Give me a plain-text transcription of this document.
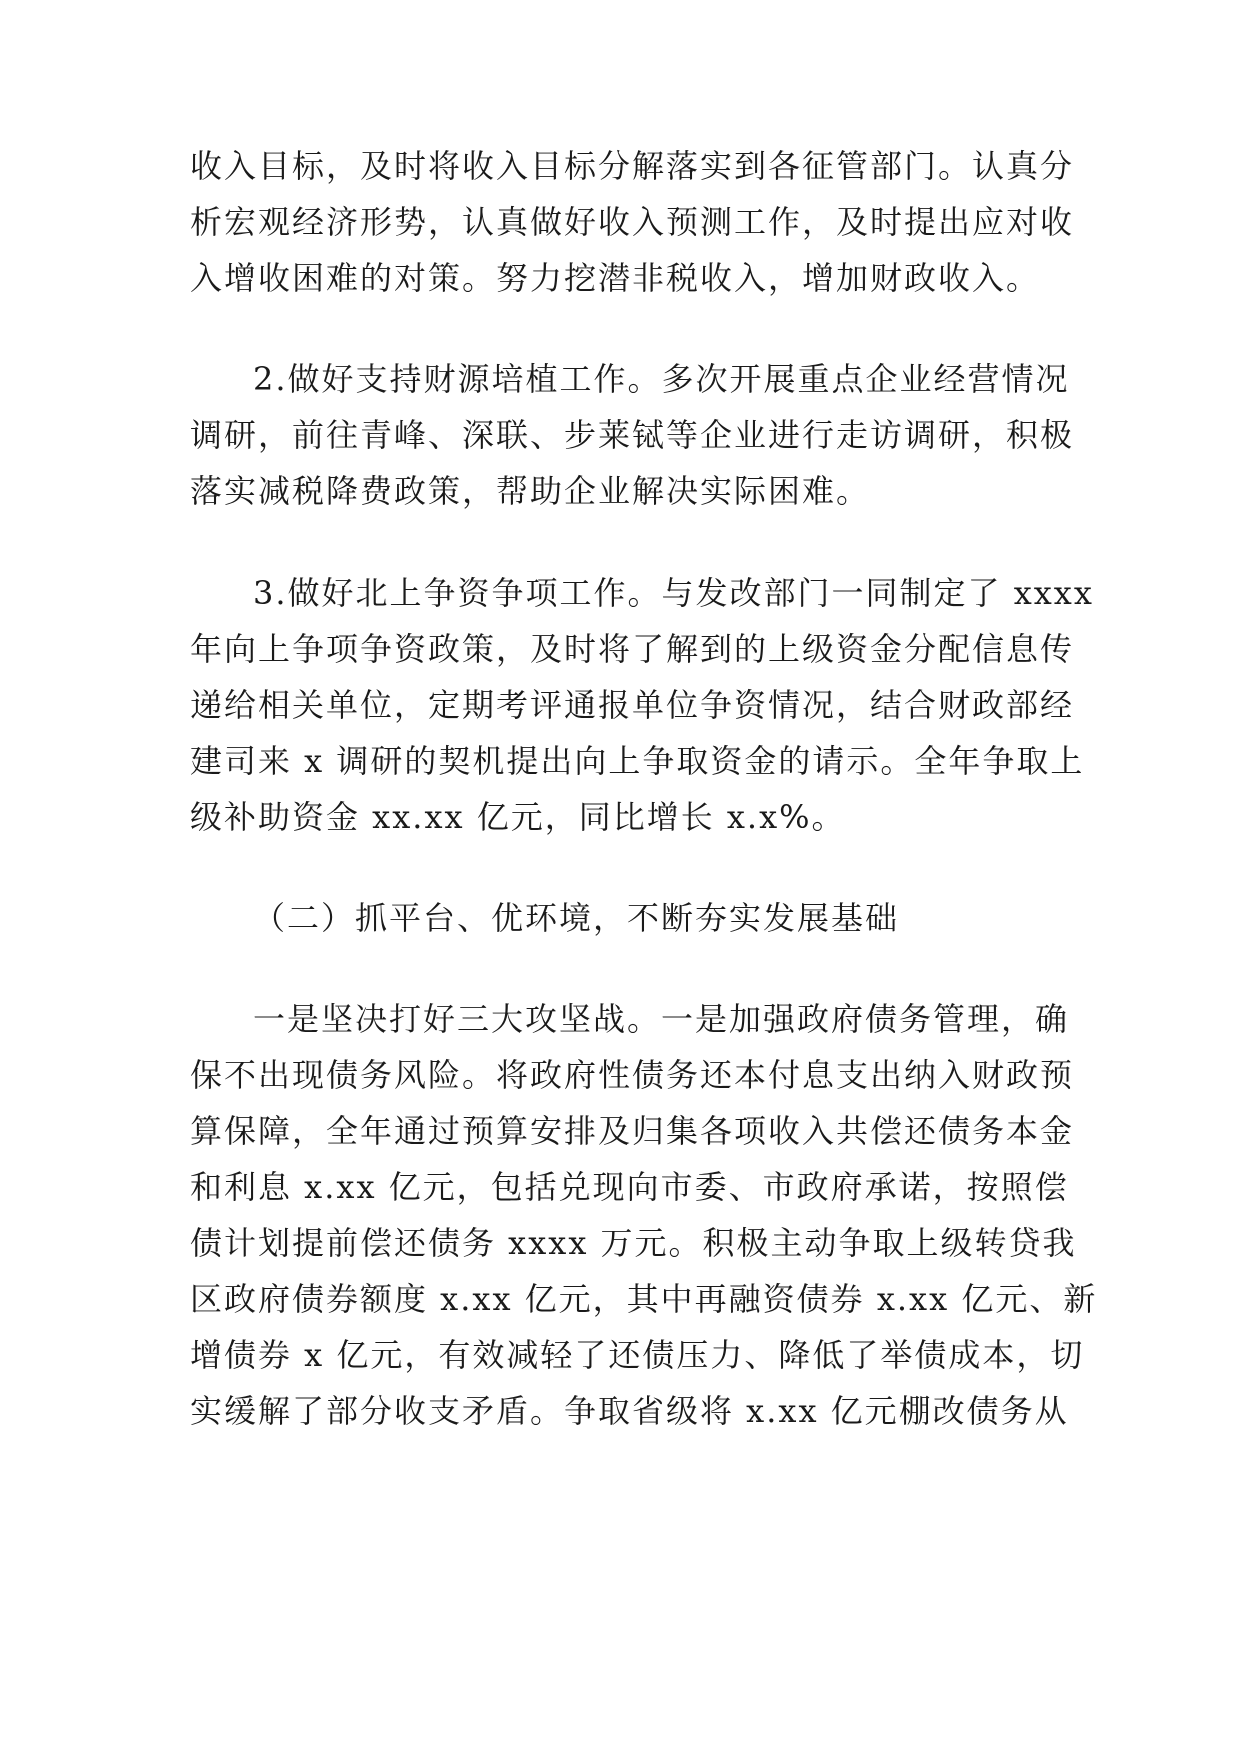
收入目标，及时将收入目标分解落实到各征管部门。认真分
析宏观经济形势，认真做好收入预测工作，及时提出应对收
入增收困难的对策。努力挖潜非税收入，增加财政收入。
2.做好支持财源培植工作。多次开展重点企业经营情况
调研，前往青峰、深联、步莱铽等企业进行走访调研，积极
落实减税降费政策，帮助企业解决实际困难。
3.做好北上争资争项工作。与发改部门一同制定了 xxxx
年向上争项争资政策，及时将了解到的上级资金分配信息传
递给相关单位，定期考评通报单位争资情况，结合财政部经
建司来 x 调研的契机提出向上争取资金的请示。全年争取上
级补助资金 xx.xx 亿元，同比增长 x.x%。
（二）抓平台、优环境，不断夯实发展基础
一是坚决打好三大攻坚战。一是加强政府债务管理，确
保不出现债务风险。将政府性债务还本付息支出纳入财政预
算保障，全年通过预算安排及归集各项收入共偿还债务本金
和利息 x.xx 亿元，包括兑现向市委、市政府承诺，按照偿
债计划提前偿还债务 xxxx 万元。积极主动争取上级转贷我
区政府债券额度 x.xx 亿元，其中再融资债券 x.xx 亿元、新
增债券 x 亿元，有效减轻了还债压力、降低了举债成本，切
实缓解了部分收支矛盾。争取省级将 x.xx 亿元棚改债务从
